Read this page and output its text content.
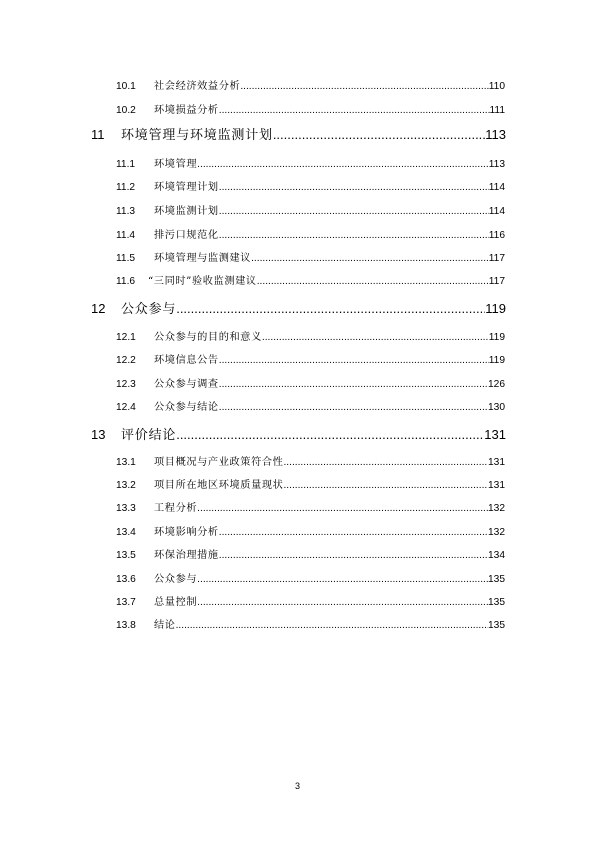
10.1	社会经济效益分析 .....	110
10.2	环境损益分析 .....	111
11	环境管理与环境监测计划 .....	113
11.1	环境管理 .....	113
11.2	环境管理计划 .....	114
11.3	环境监测计划 .....	114
11.4	排污口规范化 .....	116
11.5	环境管理与监测建议 .....	117
11.6	“三同时”验收监测建议 .....	117
12	公众参与 .....	119
12.1	公众参与的目的和意义 .....	119
12.2	环境信息公告 .....	119
12.3	公众参与调查 .....	126
12.4	公众参与结论 .....	130
13	评价结论 .....	131
13.1	项目概况与产业政策符合性 .....	131
13.2	项目所在地区环境质量现状 .....	131
13.3	工程分析 .....	132
13.4	环境影响分析 .....	132
13.5	环保治理措施 .....	134
13.6	公众参与 .....	135
13.7	总量控制 .....	135
13.8	结论 .....	135
3
